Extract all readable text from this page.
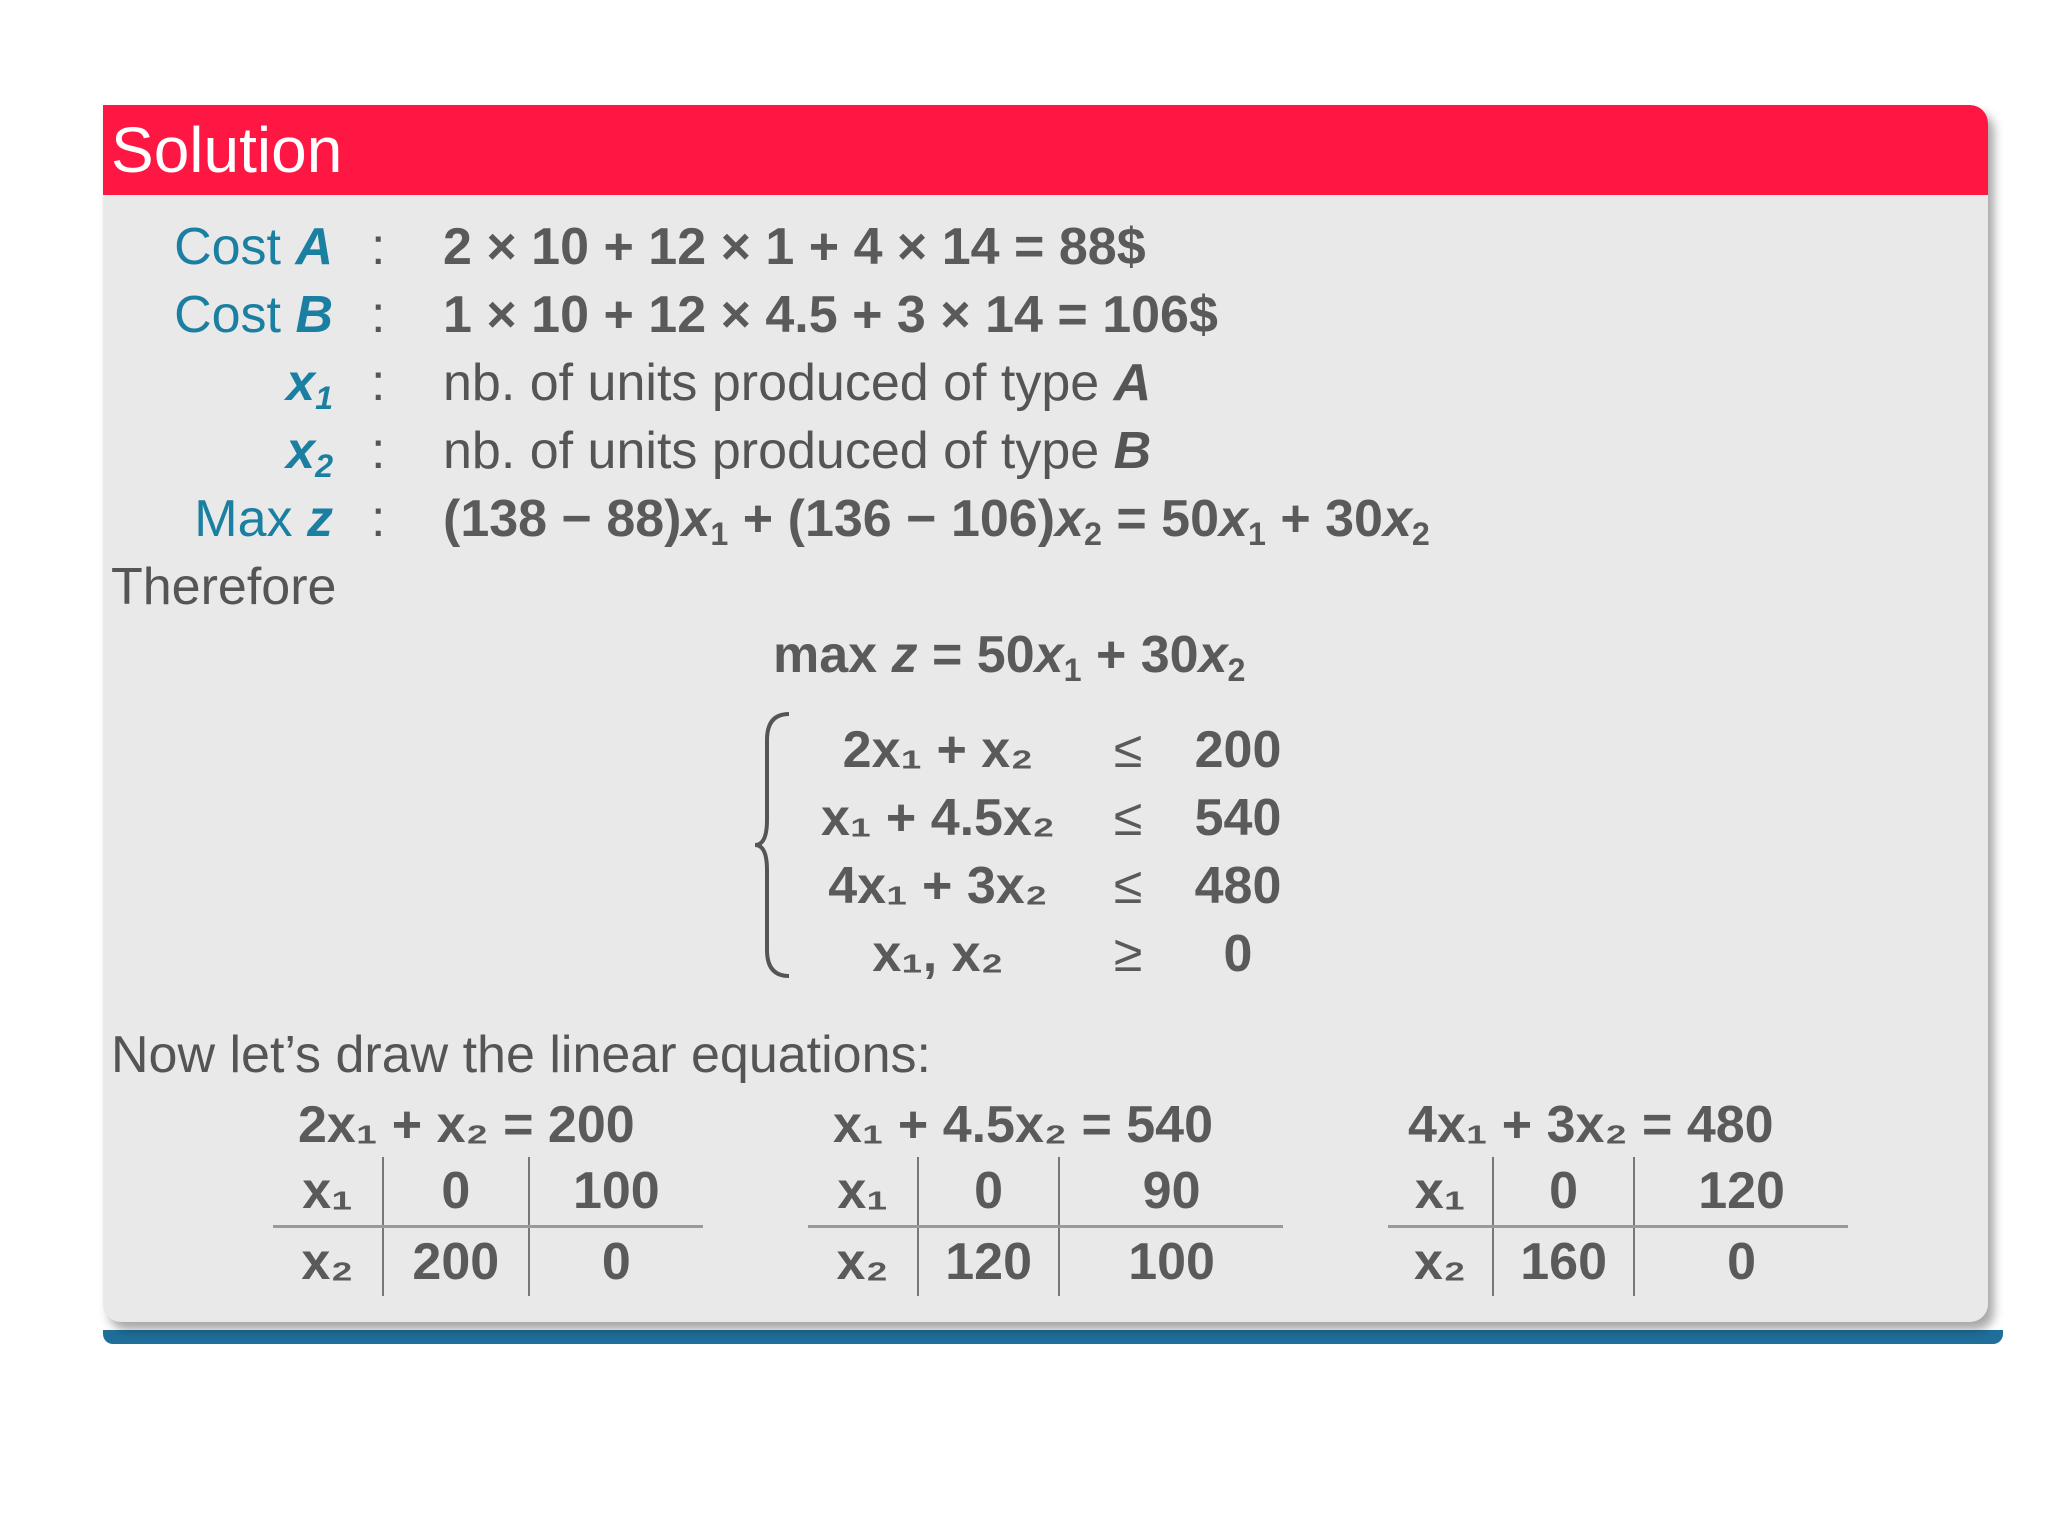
Solution
Cost A : 2 × 10 + 12 × 1 + 4 × 14 = 88$
Cost B : 1 × 10 + 12 × 4.5 + 3 × 14 = 106$
$x_1$ : nb. of units produced of type A
$x_2$ : nb. of units produced of type B
Max z : $(138 - 88)x_1 + (136 - 106)x_2 = 50x_1 + 30x_2$
Therefore
$\max z = 50x_1 + 30x_2$
2x₁ + x₂	≤	200
x₁ + 4.5x₂	≤	540
4x₁ + 3x₂	≤	480
x₁, x₂	≥	0
Now let’s draw the linear equations:
2x₁ + x₂ = 200
x₁	0	100
x₂	200	0
x₁ + 4.5x₂ = 540
x₁	0	90
x₂	120	100
4x₁ + 3x₂ = 480
x₁	0	120
x₂	160	0
